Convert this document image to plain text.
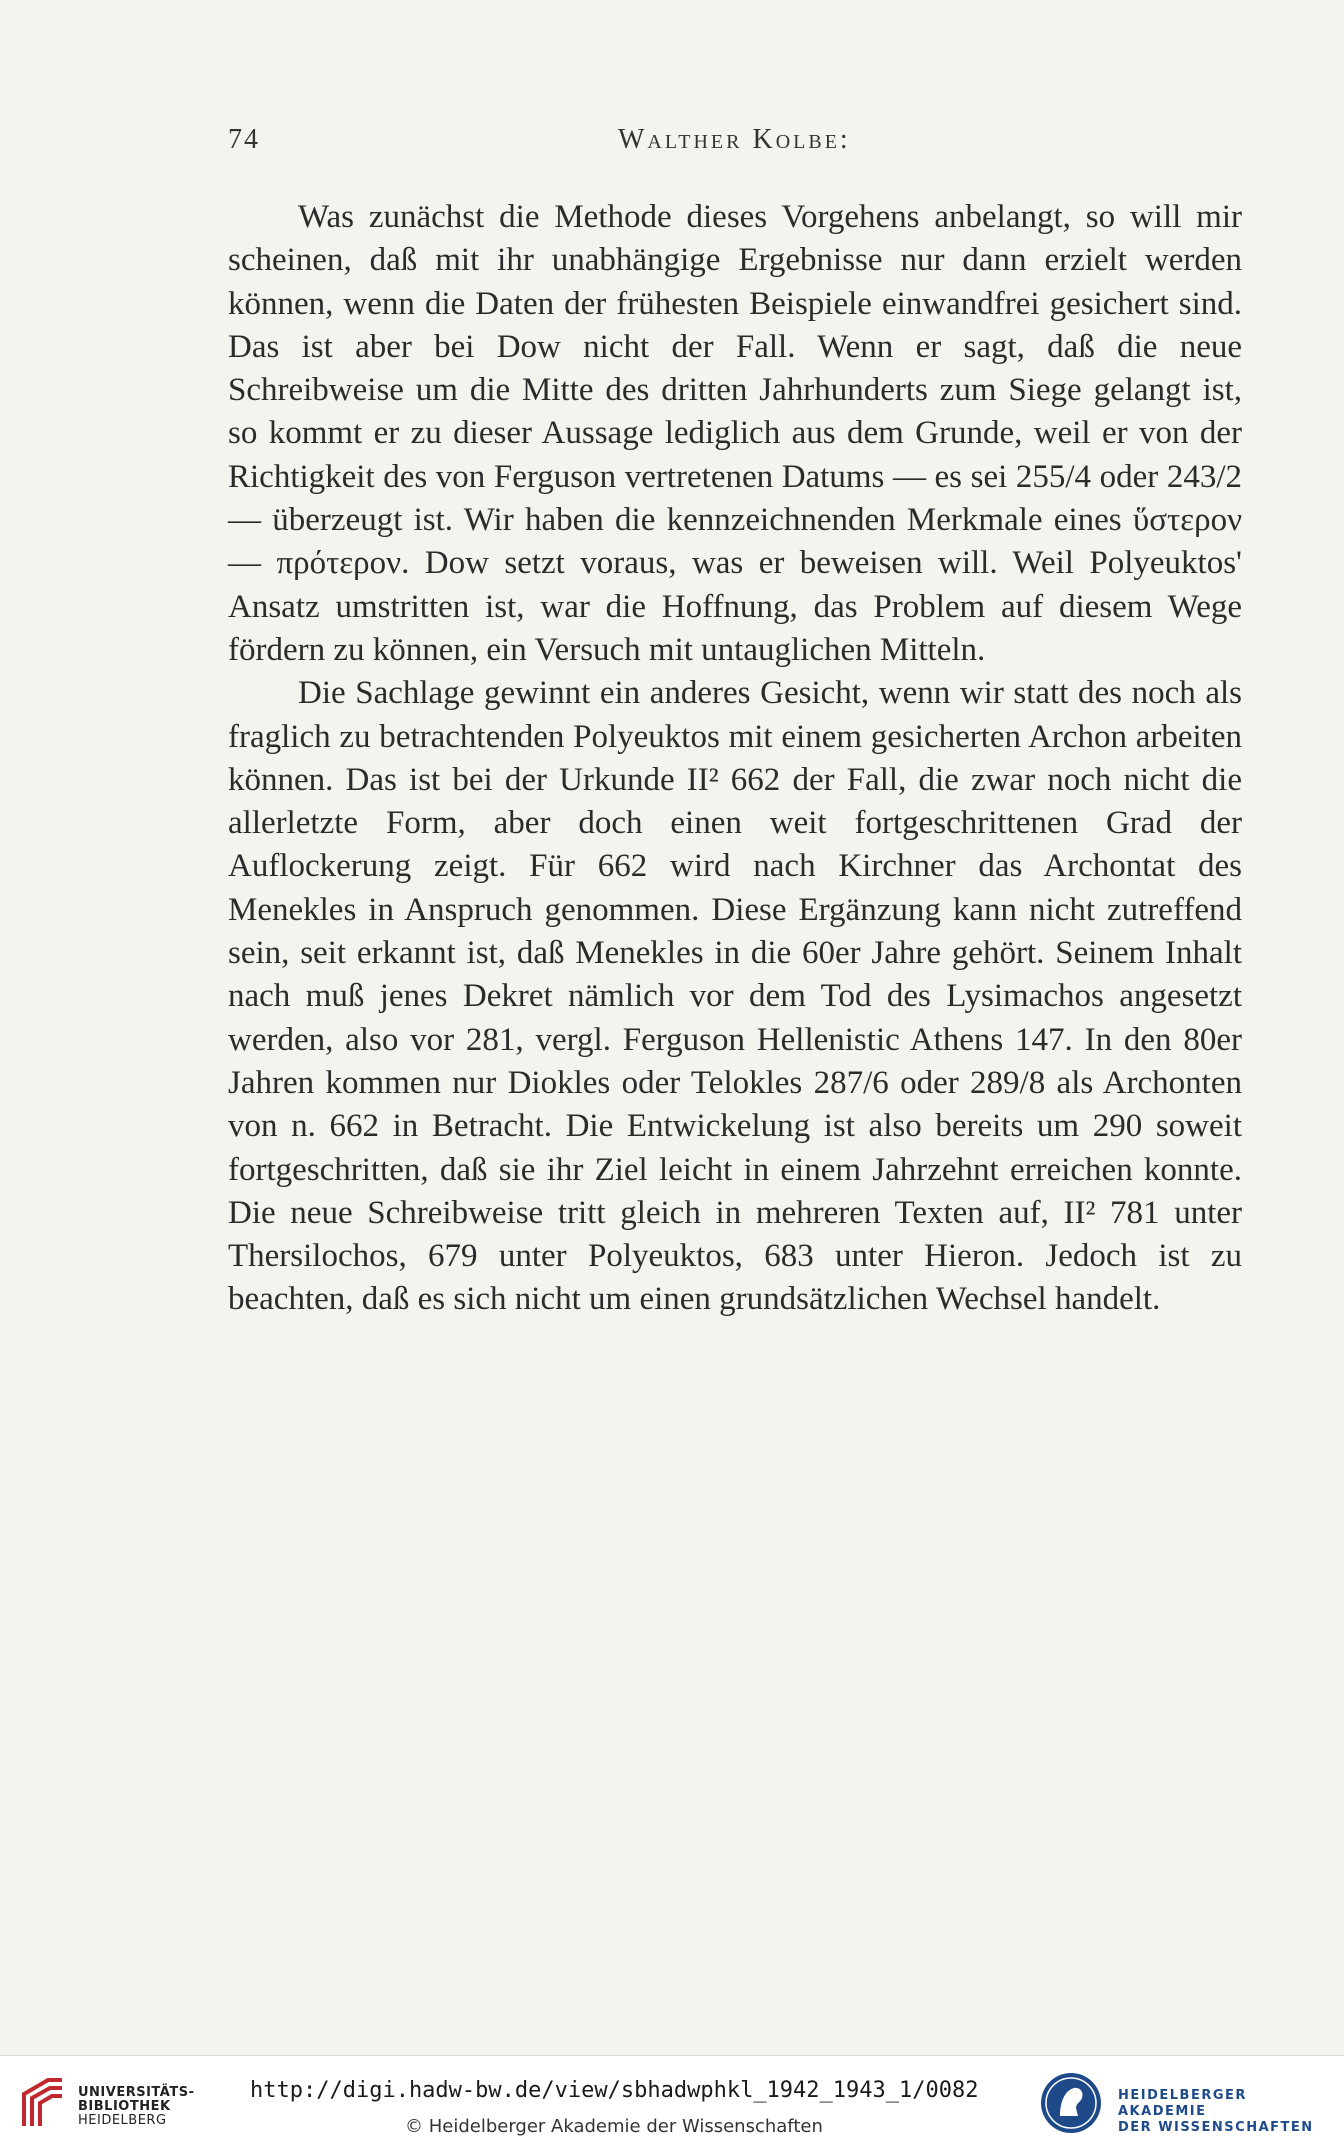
74	Walther Kolbe:

Was zunächst die Methode dieses Vorgehens anbelangt, so will mir scheinen, daß mit ihr unabhängige Ergebnisse nur dann erzielt werden können, wenn die Daten der frühesten Beispiele einwandfrei gesichert sind. Das ist aber bei Dow nicht der Fall. Wenn er sagt, daß die neue Schreibweise um die Mitte des dritten Jahrhunderts zum Siege gelangt ist, so kommt er zu dieser Aussage lediglich aus dem Grunde, weil er von der Richtigkeit des von Ferguson vertretenen Datums — es sei 255/4 oder 243/2 — überzeugt ist. Wir haben die kennzeichnenden Merkmale eines ὕστερον — πρότερον. Dow setzt voraus, was er beweisen will. Weil Polyeuktos' Ansatz umstritten ist, war die Hoffnung, das Problem auf diesem Wege fördern zu können, ein Versuch mit untauglichen Mitteln.

Die Sachlage gewinnt ein anderes Gesicht, wenn wir statt des noch als fraglich zu betrachtenden Polyeuktos mit einem gesicherten Archon arbeiten können. Das ist bei der Urkunde II² 662 der Fall, die zwar noch nicht die allerletzte Form, aber doch einen weit fortgeschrittenen Grad der Auflockerung zeigt. Für 662 wird nach Kirchner das Archontat des Menekles in Anspruch genommen. Diese Ergänzung kann nicht zutreffend sein, seit erkannt ist, daß Menekles in die 60er Jahre gehört. Seinem Inhalt nach muß jenes Dekret nämlich vor dem Tod des Lysimachos angesetzt werden, also vor 281, vergl. Ferguson Hellenistic Athens 147. In den 80er Jahren kommen nur Diokles oder Telokles 287/6 oder 289/8 als Archonten von n. 662 in Betracht. Die Entwickelung ist also bereits um 290 soweit fortgeschritten, daß sie ihr Ziel leicht in einem Jahrzehnt erreichen konnte. Die neue Schreibweise tritt gleich in mehreren Texten auf, II² 781 unter Thersilochos, 679 unter Polyeuktos, 683 unter Hieron. Jedoch ist zu beachten, daß es sich nicht um einen grundsätzlichen Wechsel handelt.

UNIVERSITÄTS-
BIBLIOTHEK
HEIDELBERG
http://digi.hadw-bw.de/view/sbhadwphkl_1942_1943_1/0082
© Heidelberger Akademie der Wissenschaften
HEIDELBERGER AKADEMIE
DER WISSENSCHAFTEN
